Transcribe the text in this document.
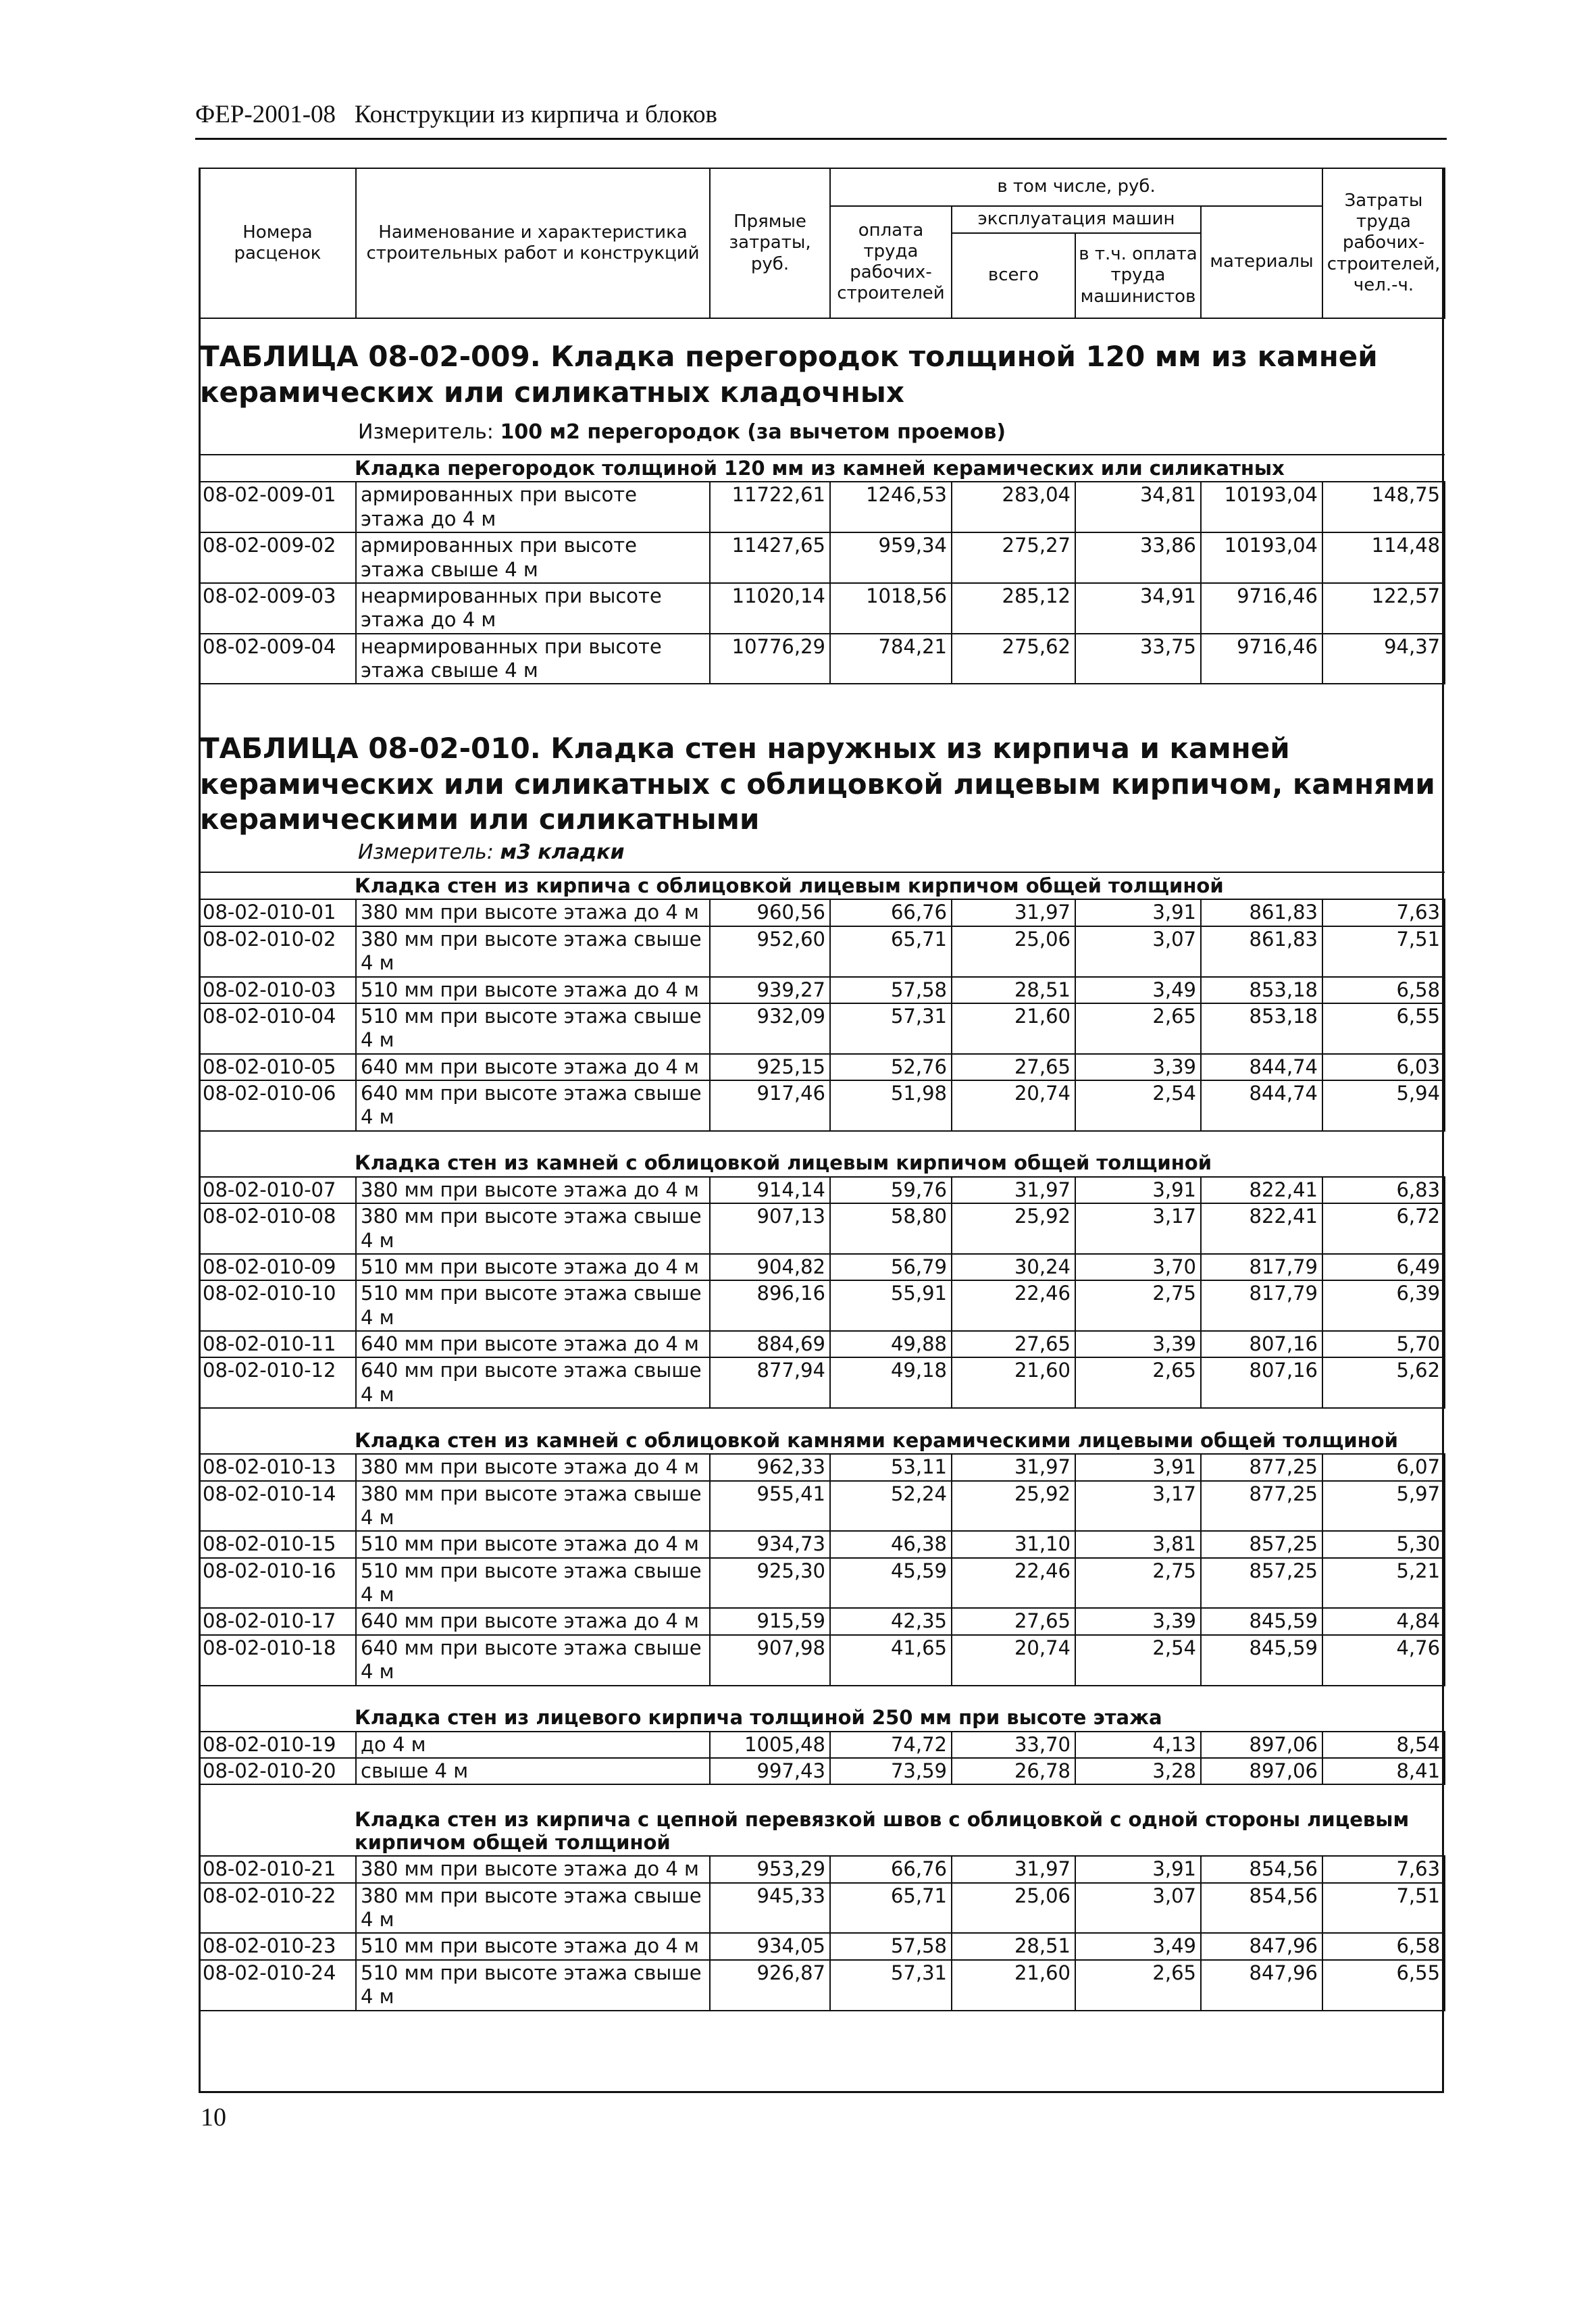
ФЕР-2001-08   Конструкции из кирпича и блоков
Номера расценок	Наименование и характеристика строительных работ и конструкций	Прямые затраты, руб.	в том числе, руб.				Затраты труда рабочих-строителей, чел.-ч.
			оплата труда рабочих-строителей	эксплуатация машин		материалы	
				всего	в т.ч. оплата труда машинистов		
ТАБЛИЦА 08-02-009. Кладка перегородок толщиной 120 мм из камней керамических или силикатных кладочных
Измеритель: 100 м2 перегородок (за вычетом проемов)
Кладка перегородок толщиной 120 мм из камней керамических или силикатных							
08-02-009-01	армированных при высоте этажа до 4 м	11722,61	1246,53	283,04	34,81	10193,04	148,75
08-02-009-02	армированных при высоте этажа свыше 4 м	11427,65	959,34	275,27	33,86	10193,04	114,48
08-02-009-03	неармированных при высоте этажа до 4 м	11020,14	1018,56	285,12	34,91	9716,46	122,57
08-02-009-04	неармированных при высоте этажа свыше 4 м	10776,29	784,21	275,62	33,75	9716,46	94,37
ТАБЛИЦА 08-02-010. Кладка стен наружных из кирпича и камней керамических или силикатных с облицовкой лицевым кирпичом, камнями керамическими или силикатными
Измеритель: м3 кладки
Кладка стен из кирпича с облицовкой лицевым кирпичом общей толщиной							
08-02-010-01	380 мм при высоте этажа до 4 м	960,56	66,76	31,97	3,91	861,83	7,63
08-02-010-02	380 мм при высоте этажа свыше 4 м	952,60	65,71	25,06	3,07	861,83	7,51
08-02-010-03	510 мм при высоте этажа до 4 м	939,27	57,58	28,51	3,49	853,18	6,58
08-02-010-04	510 мм при высоте этажа свыше 4 м	932,09	57,31	21,60	2,65	853,18	6,55
08-02-010-05	640 мм при высоте этажа до 4 м	925,15	52,76	27,65	3,39	844,74	6,03
08-02-010-06	640 мм при высоте этажа свыше 4 м	917,46	51,98	20,74	2,54	844,74	5,94
Кладка стен из камней с облицовкой лицевым кирпичом общей толщиной							
08-02-010-07	380 мм при высоте этажа до 4 м	914,14	59,76	31,97	3,91	822,41	6,83
08-02-010-08	380 мм при высоте этажа свыше 4 м	907,13	58,80	25,92	3,17	822,41	6,72
08-02-010-09	510 мм при высоте этажа до 4 м	904,82	56,79	30,24	3,70	817,79	6,49
08-02-010-10	510 мм при высоте этажа свыше 4 м	896,16	55,91	22,46	2,75	817,79	6,39
08-02-010-11	640 мм при высоте этажа до 4 м	884,69	49,88	27,65	3,39	807,16	5,70
08-02-010-12	640 мм при высоте этажа свыше 4 м	877,94	49,18	21,60	2,65	807,16	5,62
Кладка стен из камней с облицовкой камнями керамическими лицевыми общей толщиной							
08-02-010-13	380 мм при высоте этажа до 4 м	962,33	53,11	31,97	3,91	877,25	6,07
08-02-010-14	380 мм при высоте этажа свыше 4 м	955,41	52,24	25,92	3,17	877,25	5,97
08-02-010-15	510 мм при высоте этажа до 4 м	934,73	46,38	31,10	3,81	857,25	5,30
08-02-010-16	510 мм при высоте этажа свыше 4 м	925,30	45,59	22,46	2,75	857,25	5,21
08-02-010-17	640 мм при высоте этажа до 4 м	915,59	42,35	27,65	3,39	845,59	4,84
08-02-010-18	640 мм при высоте этажа свыше 4 м	907,98	41,65	20,74	2,54	845,59	4,76
Кладка стен из лицевого кирпича толщиной 250 мм при высоте этажа							
08-02-010-19	до 4 м	1005,48	74,72	33,70	4,13	897,06	8,54
08-02-010-20	свыше 4 м	997,43	73,59	26,78	3,28	897,06	8,41
Кладка стен из кирпича с цепной перевязкой швов с облицовкой с одной стороны лицевым кирпичом общей толщиной							
08-02-010-21	380 мм при высоте этажа до 4 м	953,29	66,76	31,97	3,91	854,56	7,63
08-02-010-22	380 мм при высоте этажа свыше 4 м	945,33	65,71	25,06	3,07	854,56	7,51
08-02-010-23	510 мм при высоте этажа до 4 м	934,05	57,58	28,51	3,49	847,96	6,58
08-02-010-24	510 мм при высоте этажа свыше 4 м	926,87	57,31	21,60	2,65	847,96	6,55
10
